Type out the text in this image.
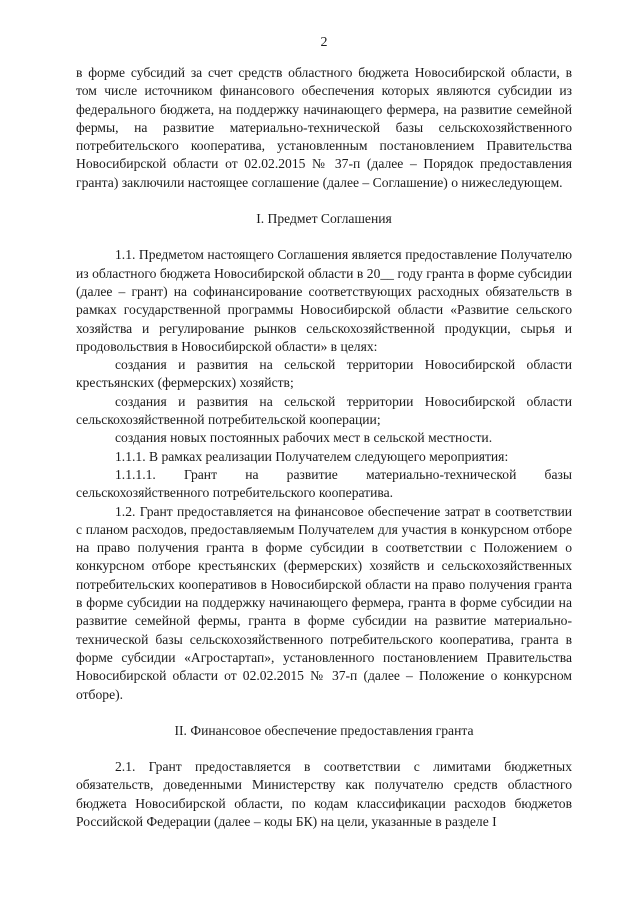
2

в форме субсидий за счет средств областного бюджета Новосибирской области, в том числе источником финансового обеспечения которых являются субсидии из федерального бюджета, на поддержку начинающего фермера, на развитие семейной фермы, на развитие материально-технической базы сельскохозяйственного потребительского кооператива, установленным постановлением Правительства Новосибирской области от 02.02.2015 № 37-п (далее – Порядок предоставления гранта) заключили настоящее соглашение (далее – Соглашение) о нижеследующем.

I. Предмет Соглашения

1.1. Предметом настоящего Соглашения является предоставление Получателю из областного бюджета Новосибирской области в 20__ году гранта в форме субсидии (далее – грант) на софинансирование соответствующих расходных обязательств в рамках государственной программы Новосибирской области «Развитие сельского хозяйства и регулирование рынков сельскохозяйственной продукции, сырья и продовольствия в Новосибирской области» в целях:

создания и развития на сельской территории Новосибирской области крестьянских (фермерских) хозяйств;

создания и развития на сельской территории Новосибирской области сельскохозяйственной потребительской кооперации;

создания новых постоянных рабочих мест в сельской местности.

1.1.1. В рамках реализации Получателем следующего мероприятия:

1.1.1.1. Грант на развитие материально-технической базы сельскохозяйственного потребительского кооператива.

1.2. Грант предоставляется на финансовое обеспечение затрат в соответствии с планом расходов, предоставляемым Получателем для участия в конкурсном отборе на право получения гранта в форме субсидии в соответствии с Положением о конкурсном отборе крестьянских (фермерских) хозяйств и сельскохозяйственных потребительских кооперативов в Новосибирской области на право получения гранта в форме субсидии на поддержку начинающего фермера, гранта в форме субсидии на развитие семейной фермы, гранта в форме субсидии на развитие материально-технической базы сельскохозяйственного потребительского кооператива, гранта в форме субсидии «Агростартап», установленного постановлением Правительства Новосибирской области от 02.02.2015 № 37-п (далее – Положение о конкурсном отборе).

II. Финансовое обеспечение предоставления гранта

2.1. Грант предоставляется в соответствии с лимитами бюджетных обязательств, доведенными Министерству как получателю средств областного бюджета Новосибирской области, по кодам классификации расходов бюджетов Российской Федерации (далее – коды БК) на цели, указанные в разделе I
